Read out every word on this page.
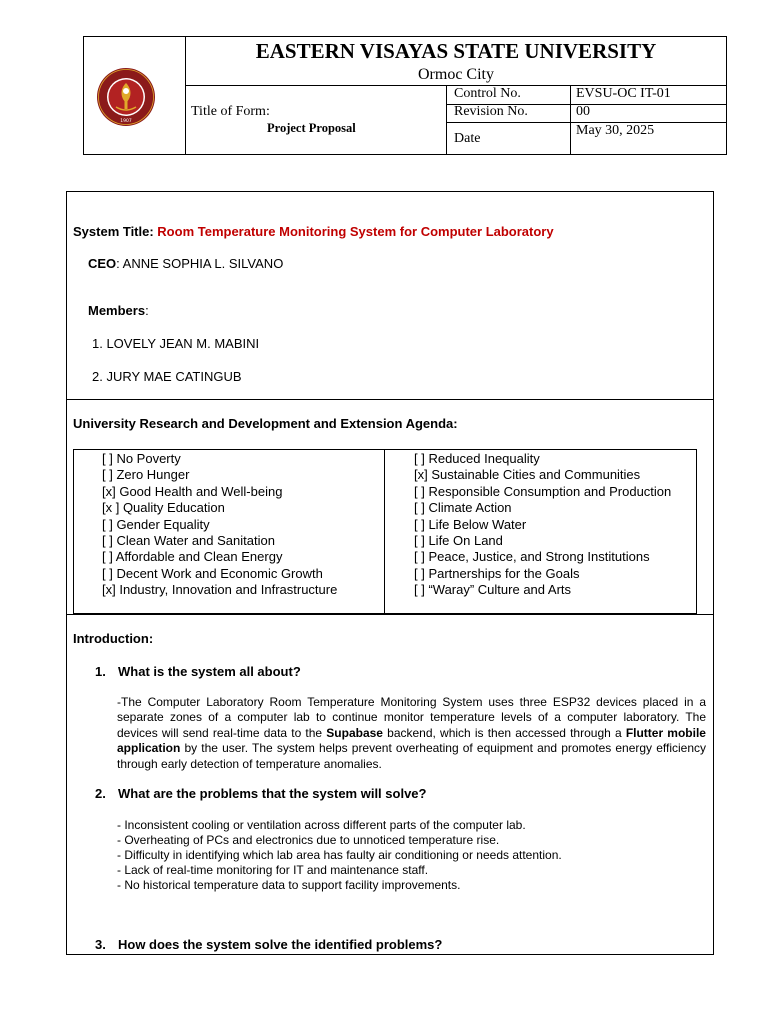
1907
EASTERN VISAYAS STATE UNIVERSITY
Ormoc City
Title of Form:
Project Proposal
Control No.	EVSU-OC IT-01
Revision No.	00
Date
May 30, 2025
System Title: Room Temperature Monitoring System for Computer Laboratory
CEO: ANNE SOPHIA L. SILVANO
Members:
1. LOVELY JEAN M. MABINI
2. JURY MAE CATINGUB
University Research and Development and Extension Agenda:
[ ] No Poverty
[ ] Zero Hunger
[x] Good Health and Well-being
[x ] Quality Education
[ ] Gender Equality
[ ] Clean Water and Sanitation
[ ] Affordable and Clean Energy
[ ] Decent Work and Economic Growth
[x] Industry, Innovation and Infrastructure
[ ] Reduced Inequality
[x] Sustainable Cities and Communities
[ ] Responsible Consumption and Production
[ ] Climate Action
[ ] Life Below Water
[ ] Life On Land
[ ] Peace, Justice, and Strong Institutions
[ ] Partnerships for the Goals
[ ] “Waray” Culture and Arts
Introduction:
1. What is the system all about?
-The Computer Laboratory Room Temperature Monitoring System uses three ESP32 devices placed in a separate zones of a computer lab to continue monitor temperature levels of a computer laboratory. The devices will send real-time data to the Supabase backend, which is then accessed through a Flutter mobile application by the user. The system helps prevent overheating of equipment and promotes energy efficiency through early detection of temperature anomalies.
2. What are the problems that the system will solve?
- Inconsistent cooling or ventilation across different parts of the computer lab.
- Overheating of PCs and electronics due to unnoticed temperature rise.
- Difficulty in identifying which lab area has faulty air conditioning or needs attention.
- Lack of real-time monitoring for IT and maintenance staff.
- No historical temperature data to support facility improvements.
3. How does the system solve the identified problems?
